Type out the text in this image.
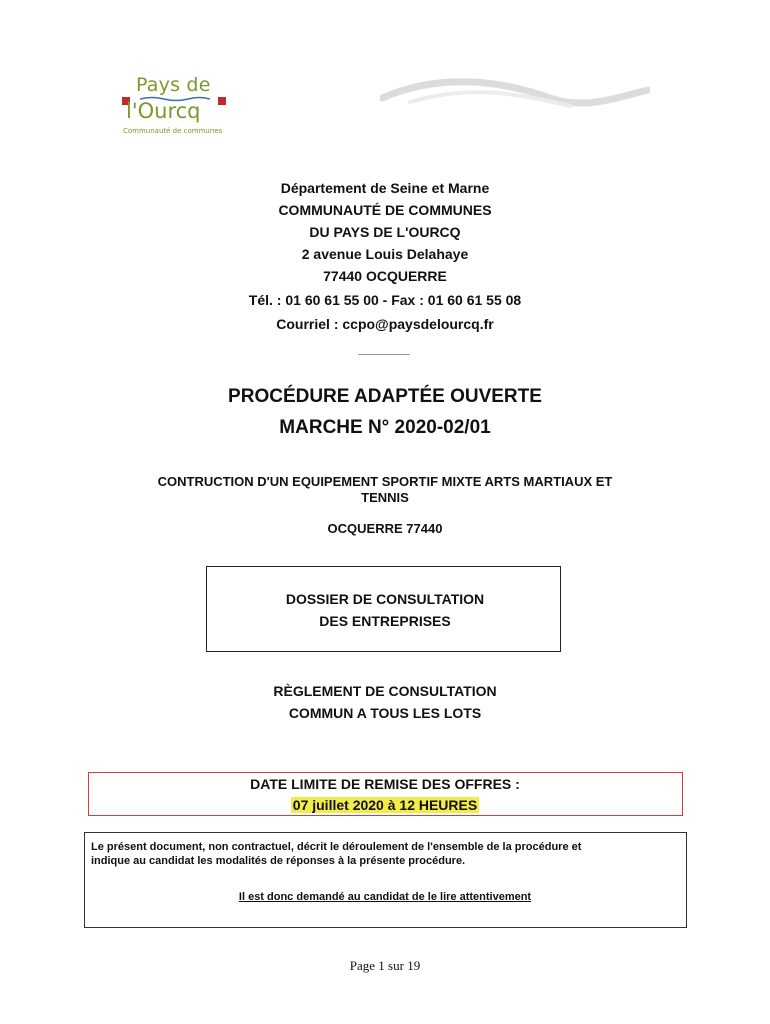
Pays de
l'Ourcq
Communauté de communes
Département de Seine et Marne
COMMUNAUTÉ DE COMMUNES
DU PAYS DE L'OURCQ
2 avenue Louis Delahaye
77440 OCQUERRE
Tél. : 01 60 61 55 00 - Fax : 01 60 61 55 08
Courriel : ccpo@paysdelourcq.fr
PROCÉDURE ADAPTÉE OUVERTE
MARCHE N° 2020-02/01
CONTRUCTION D'UN EQUIPEMENT SPORTIF MIXTE ARTS MARTIAUX ET
TENNIS
OCQUERRE 77440
DOSSIER DE CONSULTATION
DES ENTREPRISES
RÈGLEMENT DE CONSULTATION
COMMUN A TOUS LES LOTS
DATE LIMITE DE REMISE DES OFFRES :
07 juillet 2020 à 12 HEURES
Le présent document, non contractuel, décrit le déroulement de l'ensemble de la procédure et
indique au candidat les modalités de réponses à la présente procédure.
Il est donc demandé au candidat de le lire attentivement
Page 1 sur 19
